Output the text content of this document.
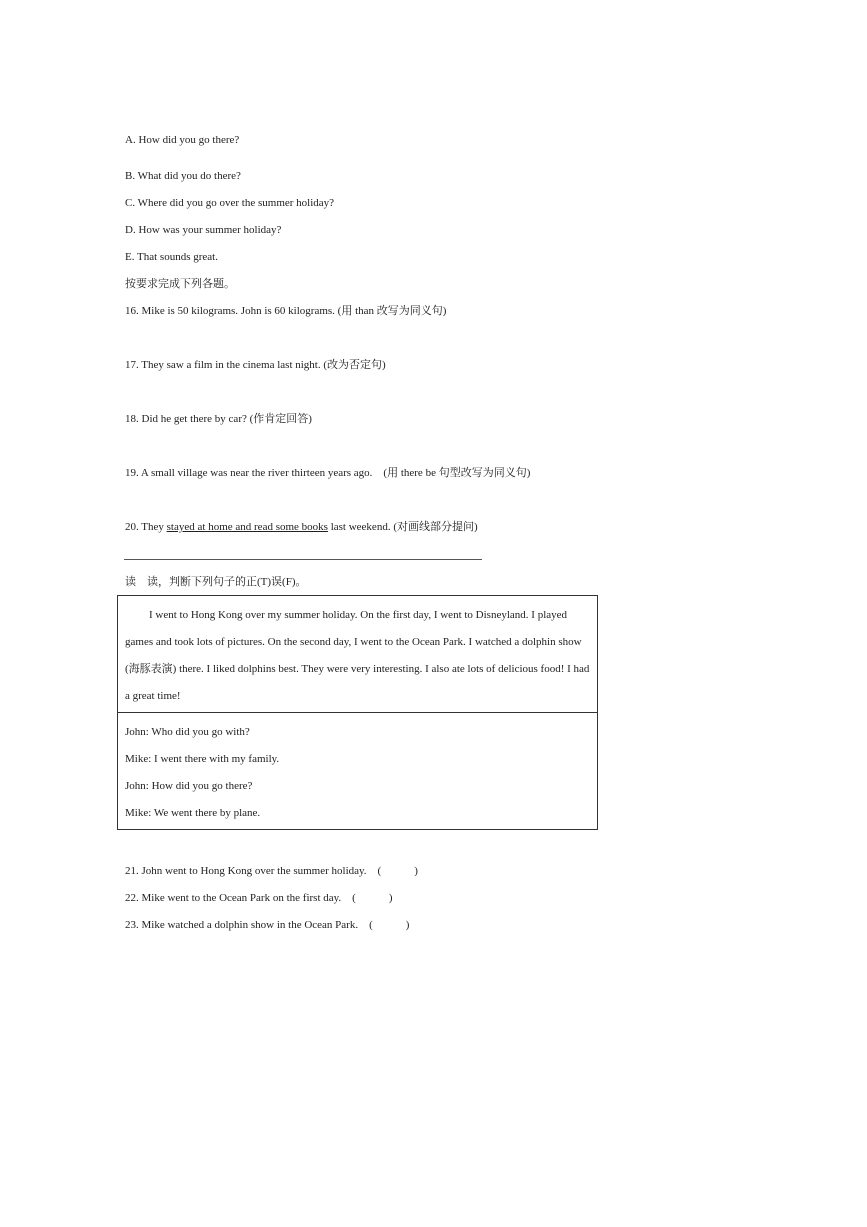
A. How did you go there?
B. What did you do there?
C. Where did you go over the summer holiday?
D. How was your summer holiday?
E. That sounds great.
按要求完成下列各题。
16. Mike is 50 kilograms. John is 60 kilograms. (用 than 改写为同义句)
17. They saw a film in the cinema last night. (改为否定句)
18. Did he get there by car? (作肯定回答)
19. A small village was near the river thirteen years ago.　(用 there be 句型改写为同义句)
20. They stayed at home and read some books last weekend. (对画线部分提问)
读　读，判断下列句子的正(T)误(F)。
I went to Hong Kong over my summer holiday. On the first day, I went to Disneyland. I played games and took lots of pictures. On the second day, I went to the Ocean Park. I watched a dolphin show (海豚表演) there. I liked dolphins best. They were very interesting. I also ate lots of delicious food! I had a great time!
John: Who did you go with?
Mike: I went there with my family.
John: How did you go there?
Mike: We went there by plane.
21. John went to Hong Kong over the summer holiday.　(　　　)
22. Mike went to the Ocean Park on the first day.　(　　　)
23. Mike watched a dolphin show in the Ocean Park.　(　　　)
